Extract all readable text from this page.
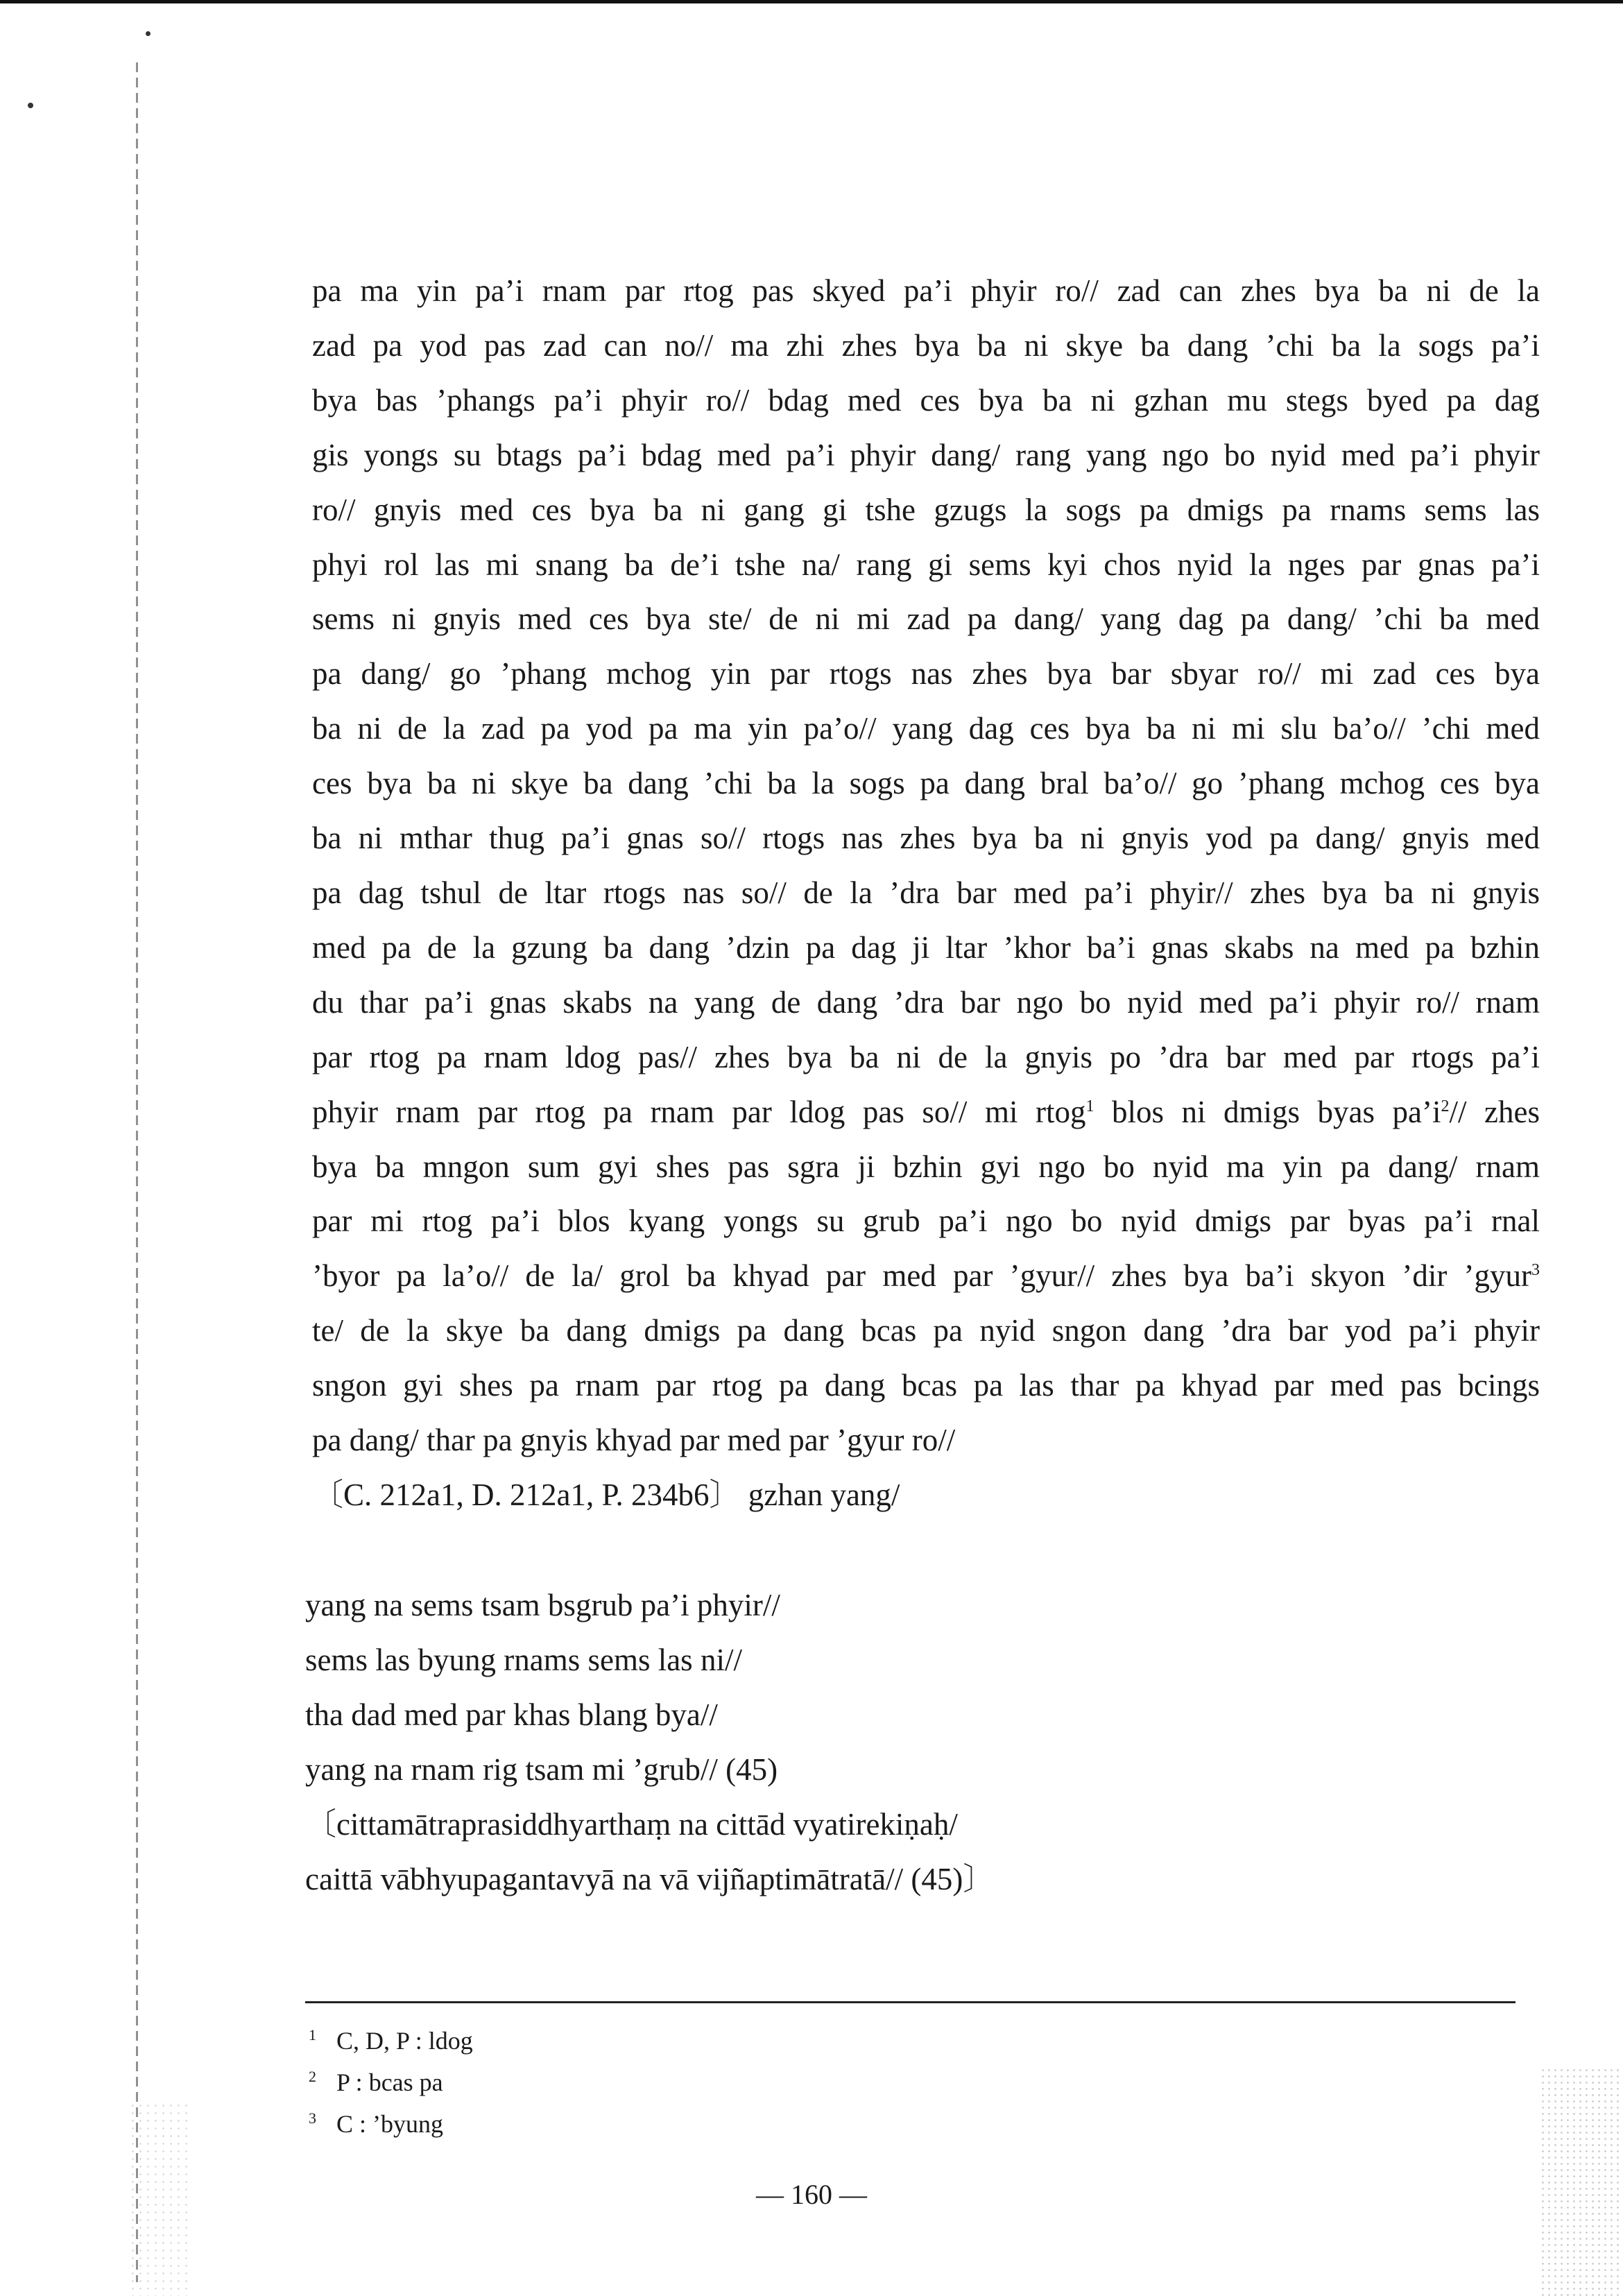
pa ma yin pa’i rnam par rtog pas skyed pa’i phyir ro// zad can zhes bya ba ni de la
zad pa yod pas zad can no// ma zhi zhes bya ba ni skye ba dang ’chi ba la sogs pa’i
bya bas ’phangs pa’i phyir ro// bdag med ces bya ba ni gzhan mu stegs byed pa dag
gis yongs su btags pa’i bdag med pa’i phyir dang/ rang yang ngo bo nyid med pa’i phyir
ro// gnyis med ces bya ba ni gang gi tshe gzugs la sogs pa dmigs pa rnams sems las
phyi rol las mi snang ba de’i tshe na/ rang gi sems kyi chos nyid la nges par gnas pa’i
sems ni gnyis med ces bya ste/ de ni mi zad pa dang/ yang dag pa dang/ ’chi ba med
pa dang/ go ’phang mchog yin par rtogs nas zhes bya bar sbyar ro// mi zad ces bya
ba ni de la zad pa yod pa ma yin pa’o// yang dag ces bya ba ni mi slu ba’o// ’chi med
ces bya ba ni skye ba dang ’chi ba la sogs pa dang bral ba’o// go ’phang mchog ces bya
ba ni mthar thug pa’i gnas so// rtogs nas zhes bya ba ni gnyis yod pa dang/ gnyis med
pa dag tshul de ltar rtogs nas so// de la ’dra bar med pa’i phyir// zhes bya ba ni gnyis
med pa de la gzung ba dang ’dzin pa dag ji ltar ’khor ba’i gnas skabs na med pa bzhin
du thar pa’i gnas skabs na yang de dang ’dra bar ngo bo nyid med pa’i phyir ro// rnam
par rtog pa rnam ldog pas// zhes bya ba ni de la gnyis po ’dra bar med par rtogs pa’i
phyir rnam par rtog pa rnam par ldog pas so// mi rtog$^1$ blos ni dmigs byas pa’i$^2$// zhes
bya ba mngon sum gyi shes pas sgra ji bzhin gyi ngo bo nyid ma yin pa dang/ rnam
par mi rtog pa’i blos kyang yongs su grub pa’i ngo bo nyid dmigs par byas pa’i rnal
’byor pa la’o// de la/ grol ba khyad par med par ’gyur// zhes bya ba’i skyon ’dir ’gyur$^3$
te/ de la skye ba dang dmigs pa dang bcas pa nyid sngon dang ’dra bar yod pa’i phyir
sngon gyi shes pa rnam par rtog pa dang bcas pa las thar pa khyad par med pas bcings
pa dang/ thar pa gnyis khyad par med par ’gyur ro//
〔C. 212a1, D. 212a1, P. 234b6〕 gzhan yang/
yang na sems tsam bsgrub pa’i phyir//
sems las byung rnams sems las ni//
tha dad med par khas blang bya//
yang na rnam rig tsam mi ’grub// (45)
〔cittamātraprasiddhyarthaṃ na cittād vyatirekiṇaḥ/
caittā vābhyupagantavyā na vā vijñaptimātratā// (45)〕
1 C, D, P : ldog
2 P : bcas pa
3 C : ’byung
— 160 —
